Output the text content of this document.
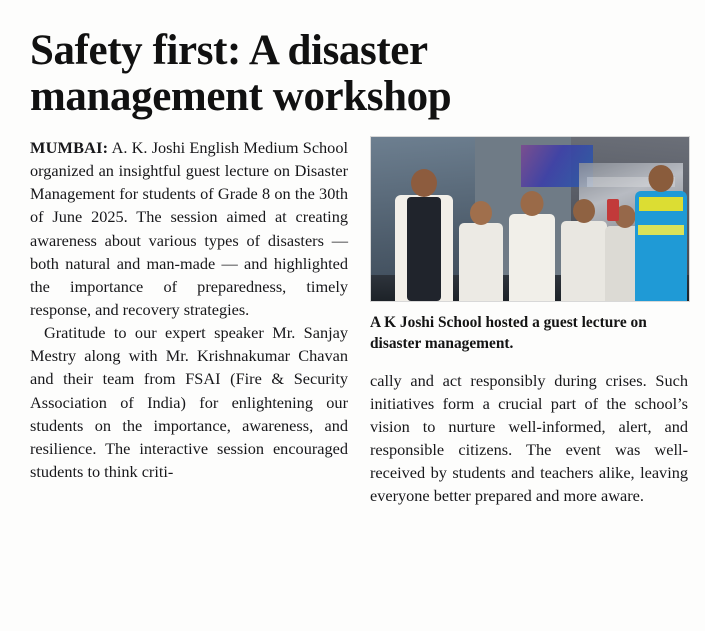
Safety first: A disaster management workshop

MUMBAI: A. K. Joshi English Medium School organized an insightful guest lecture on Disaster Management for students of Grade 8 on the 30th of June 2025. The session aimed at creating awareness about various types of disasters — both natural and man-made — and highlighted the importance of preparedness, timely response, and recovery strategies.

Gratitude to our expert speaker Mr. Sanjay Mestry along with Mr. Krishnakumar Chavan and their team from FSAI (Fire & Security Association of India) for enlightening our students on the importance, awareness, and resilience. The interactive session encouraged students to think criti-

A K Joshi School hosted a guest lecture on disaster management.

cally and act responsibly during crises. Such initiatives form a crucial part of the school’s vision to nurture well-informed, alert, and responsible citizens. The event was well-received by students and teachers alike, leaving everyone better prepared and more aware.
